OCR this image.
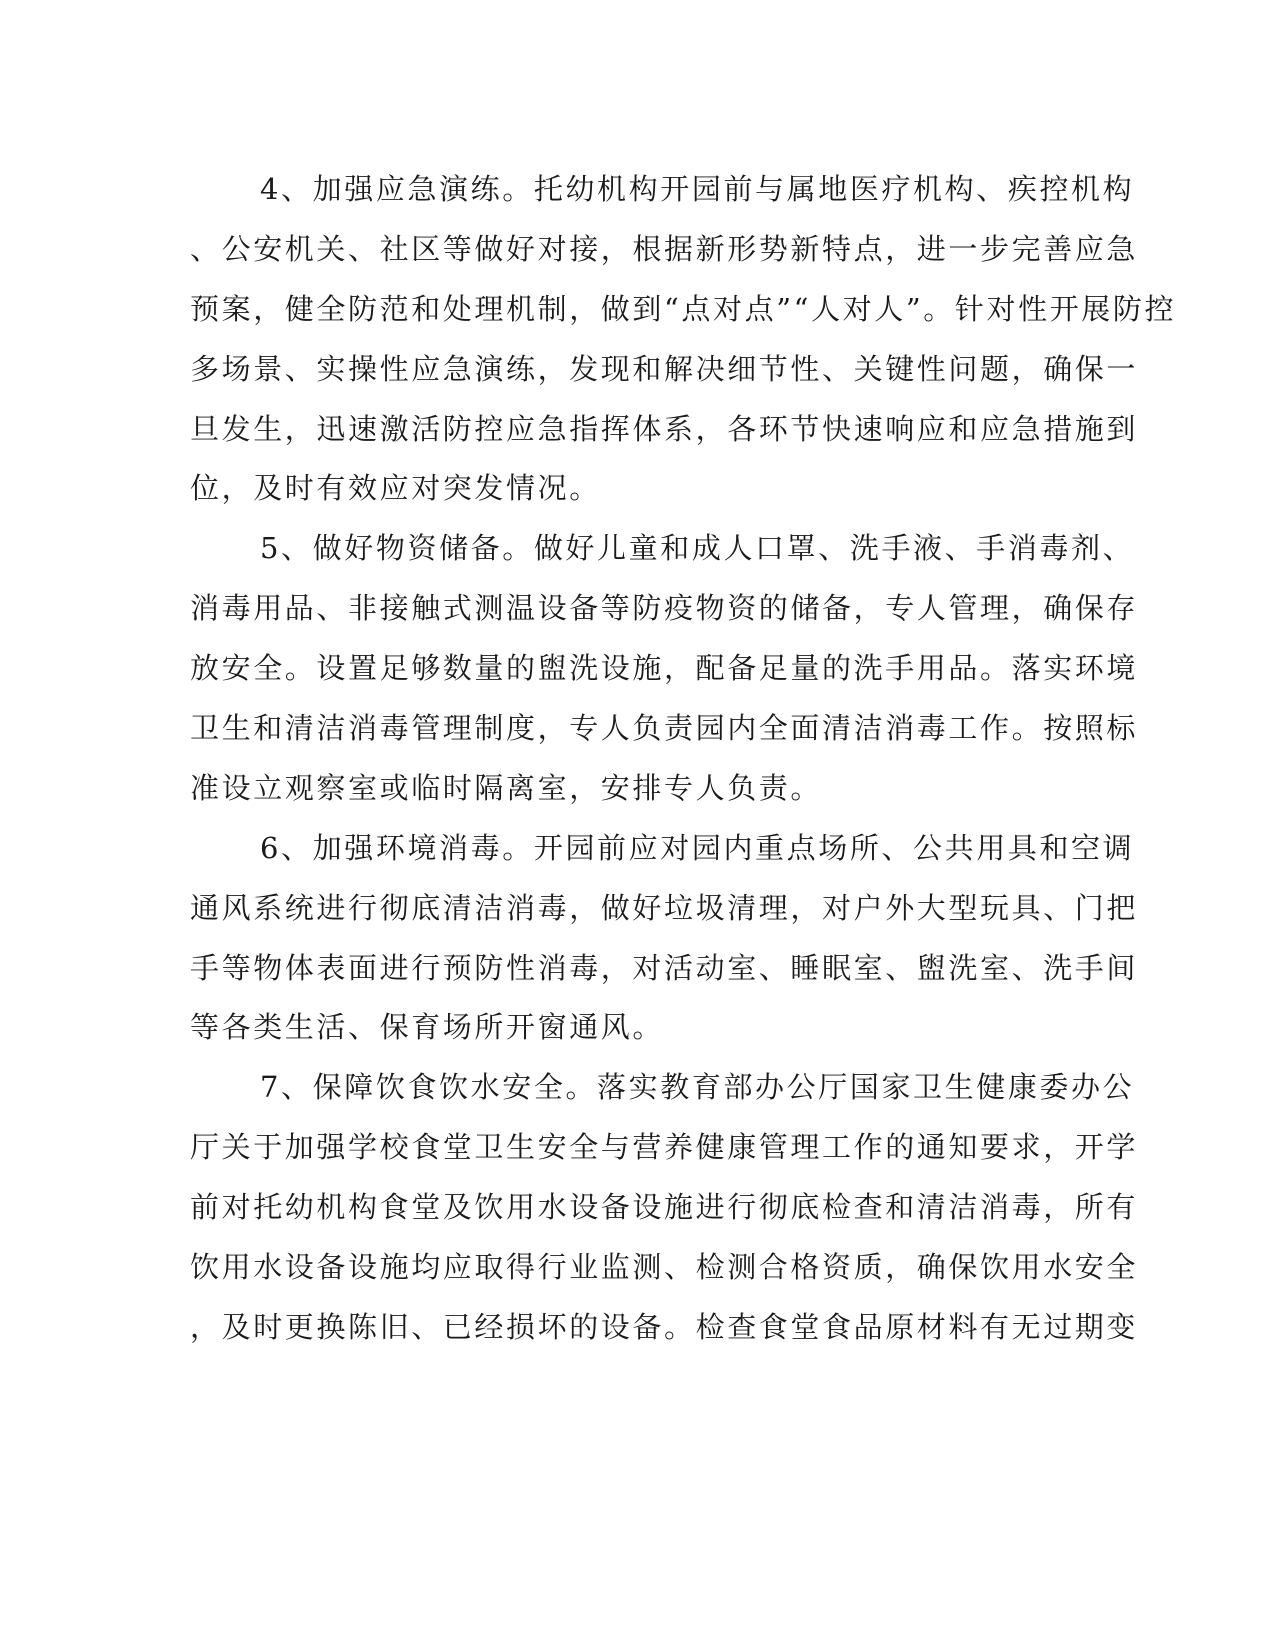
4、加强应急演练。托幼机构开园前与属地医疗机构、疾控机构
、公安机关、社区等做好对接，根据新形势新特点，进一步完善应急
预案，健全防范和处理机制，做到“点对点”“人对人”。针对性开展防控
多场景、实操性应急演练，发现和解决细节性、关键性问题，确保一
旦发生，迅速激活防控应急指挥体系，各环节快速响应和应急措施到
位，及时有效应对突发情况。
5、做好物资储备。做好儿童和成人口罩、洗手液、手消毒剂、
消毒用品、非接触式测温设备等防疫物资的储备，专人管理，确保存
放安全。设置足够数量的盥洗设施，配备足量的洗手用品。落实环境
卫生和清洁消毒管理制度，专人负责园内全面清洁消毒工作。按照标
准设立观察室或临时隔离室，安排专人负责。
6、加强环境消毒。开园前应对园内重点场所、公共用具和空调
通风系统进行彻底清洁消毒，做好垃圾清理，对户外大型玩具、门把
手等物体表面进行预防性消毒，对活动室、睡眠室、盥洗室、洗手间
等各类生活、保育场所开窗通风。
7、保障饮食饮水安全。落实教育部办公厅国家卫生健康委办公
厅关于加强学校食堂卫生安全与营养健康管理工作的通知要求，开学
前对托幼机构食堂及饮用水设备设施进行彻底检查和清洁消毒，所有
饮用水设备设施均应取得行业监测、检测合格资质，确保饮用水安全
，及时更换陈旧、已经损坏的设备。检查食堂食品原材料有无过期变
